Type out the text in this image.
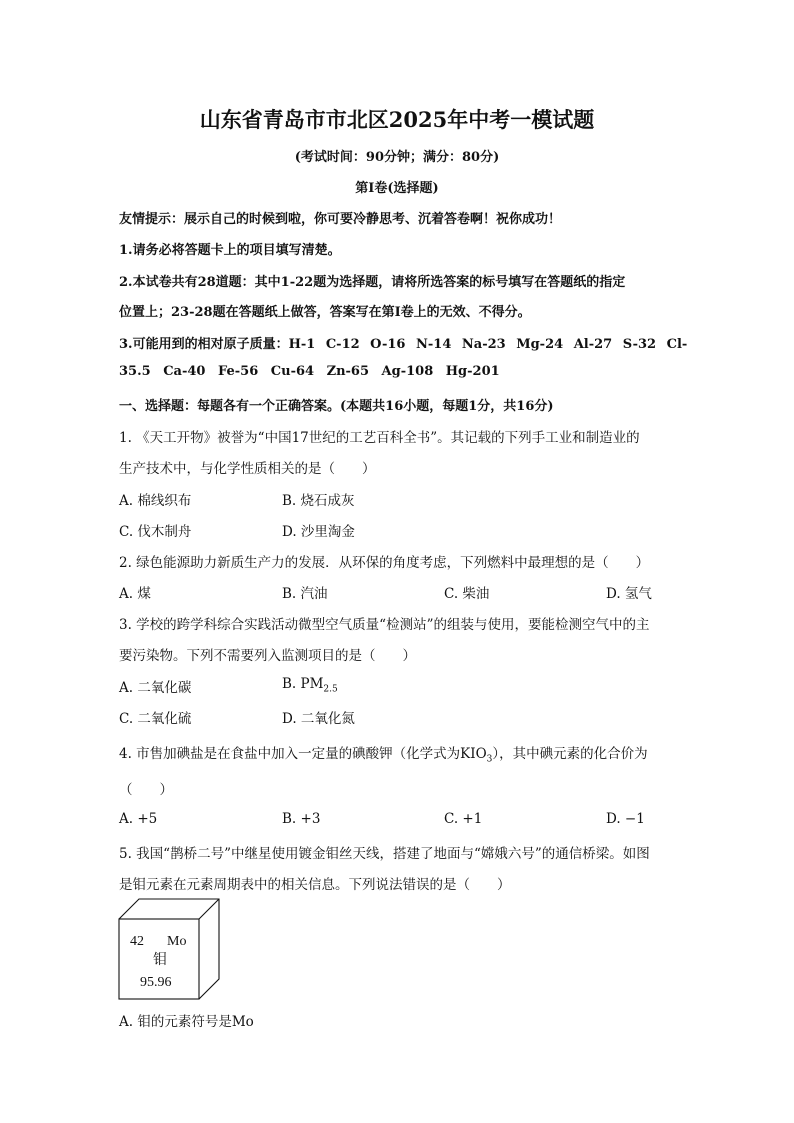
山东省青岛市市北区2025年中考一模试题
(考试时间：90分钟；满分：80分)
第I卷(选择题)
友情提示：展示自己的时候到啦，你可要冷静思考、沉着答卷啊！祝你成功！
1.请务必将答题卡上的项目填写清楚。
2.本试卷共有28道题：其中1-22题为选择题，请将所选答案的标号填写在答题纸的指定
位置上；23-28题在答题纸上做答，答案写在第I卷上的无效、不得分。
3.可能用到的相对原子质量：H-1 C-12 O-16 N-14 Na-23 Mg-24 Al-27 S-32 Cl-
35.5 Ca-40 Fe-56 Cu-64 Zn-65 Ag-108 Hg-201
一、选择题：每题各有一个正确答案。(本题共16小题，每题1分，共16分)
1. 《天工开物》被誉为“中国17世纪的工艺百科全书”。其记载的下列手工业和制造业的
生产技术中，与化学性质相关的是（　　）
A. 棉线织布	B. 烧石成灰
C. 伐木制舟	D. 沙里淘金
2. 绿色能源助力新质生产力的发展．从环保的角度考虑，下列燃料中最理想的是（　　）
A. 煤	B. 汽油	C. 柴油	D. 氢气
3. 学校的跨学科综合实践活动微型空气质量“检测站”的组装与使用，要能检测空气中的主
要污染物。下列不需要列入监测项目的是（　　）
A. 二氧化碳	B. $PM_{2.5}$
C. 二氧化硫	D. 二氧化氮
4. 市售加碘盐是在食盐中加入一定量的碘酸钾（化学式为$KIO_3$），其中碘元素的化合价为
（　　）
A. +5	B. +3	C. +1	D. −1
5. 我国“鹊桥二号”中继星使用镀金钼丝天线，搭建了地面与“嫦娥六号”的通信桥梁。如图
是钼元素在元素周期表中的相关信息。下列说法错误的是（　　）
42 Mo
钼
95.96
A. 钼的元素符号是Mo
